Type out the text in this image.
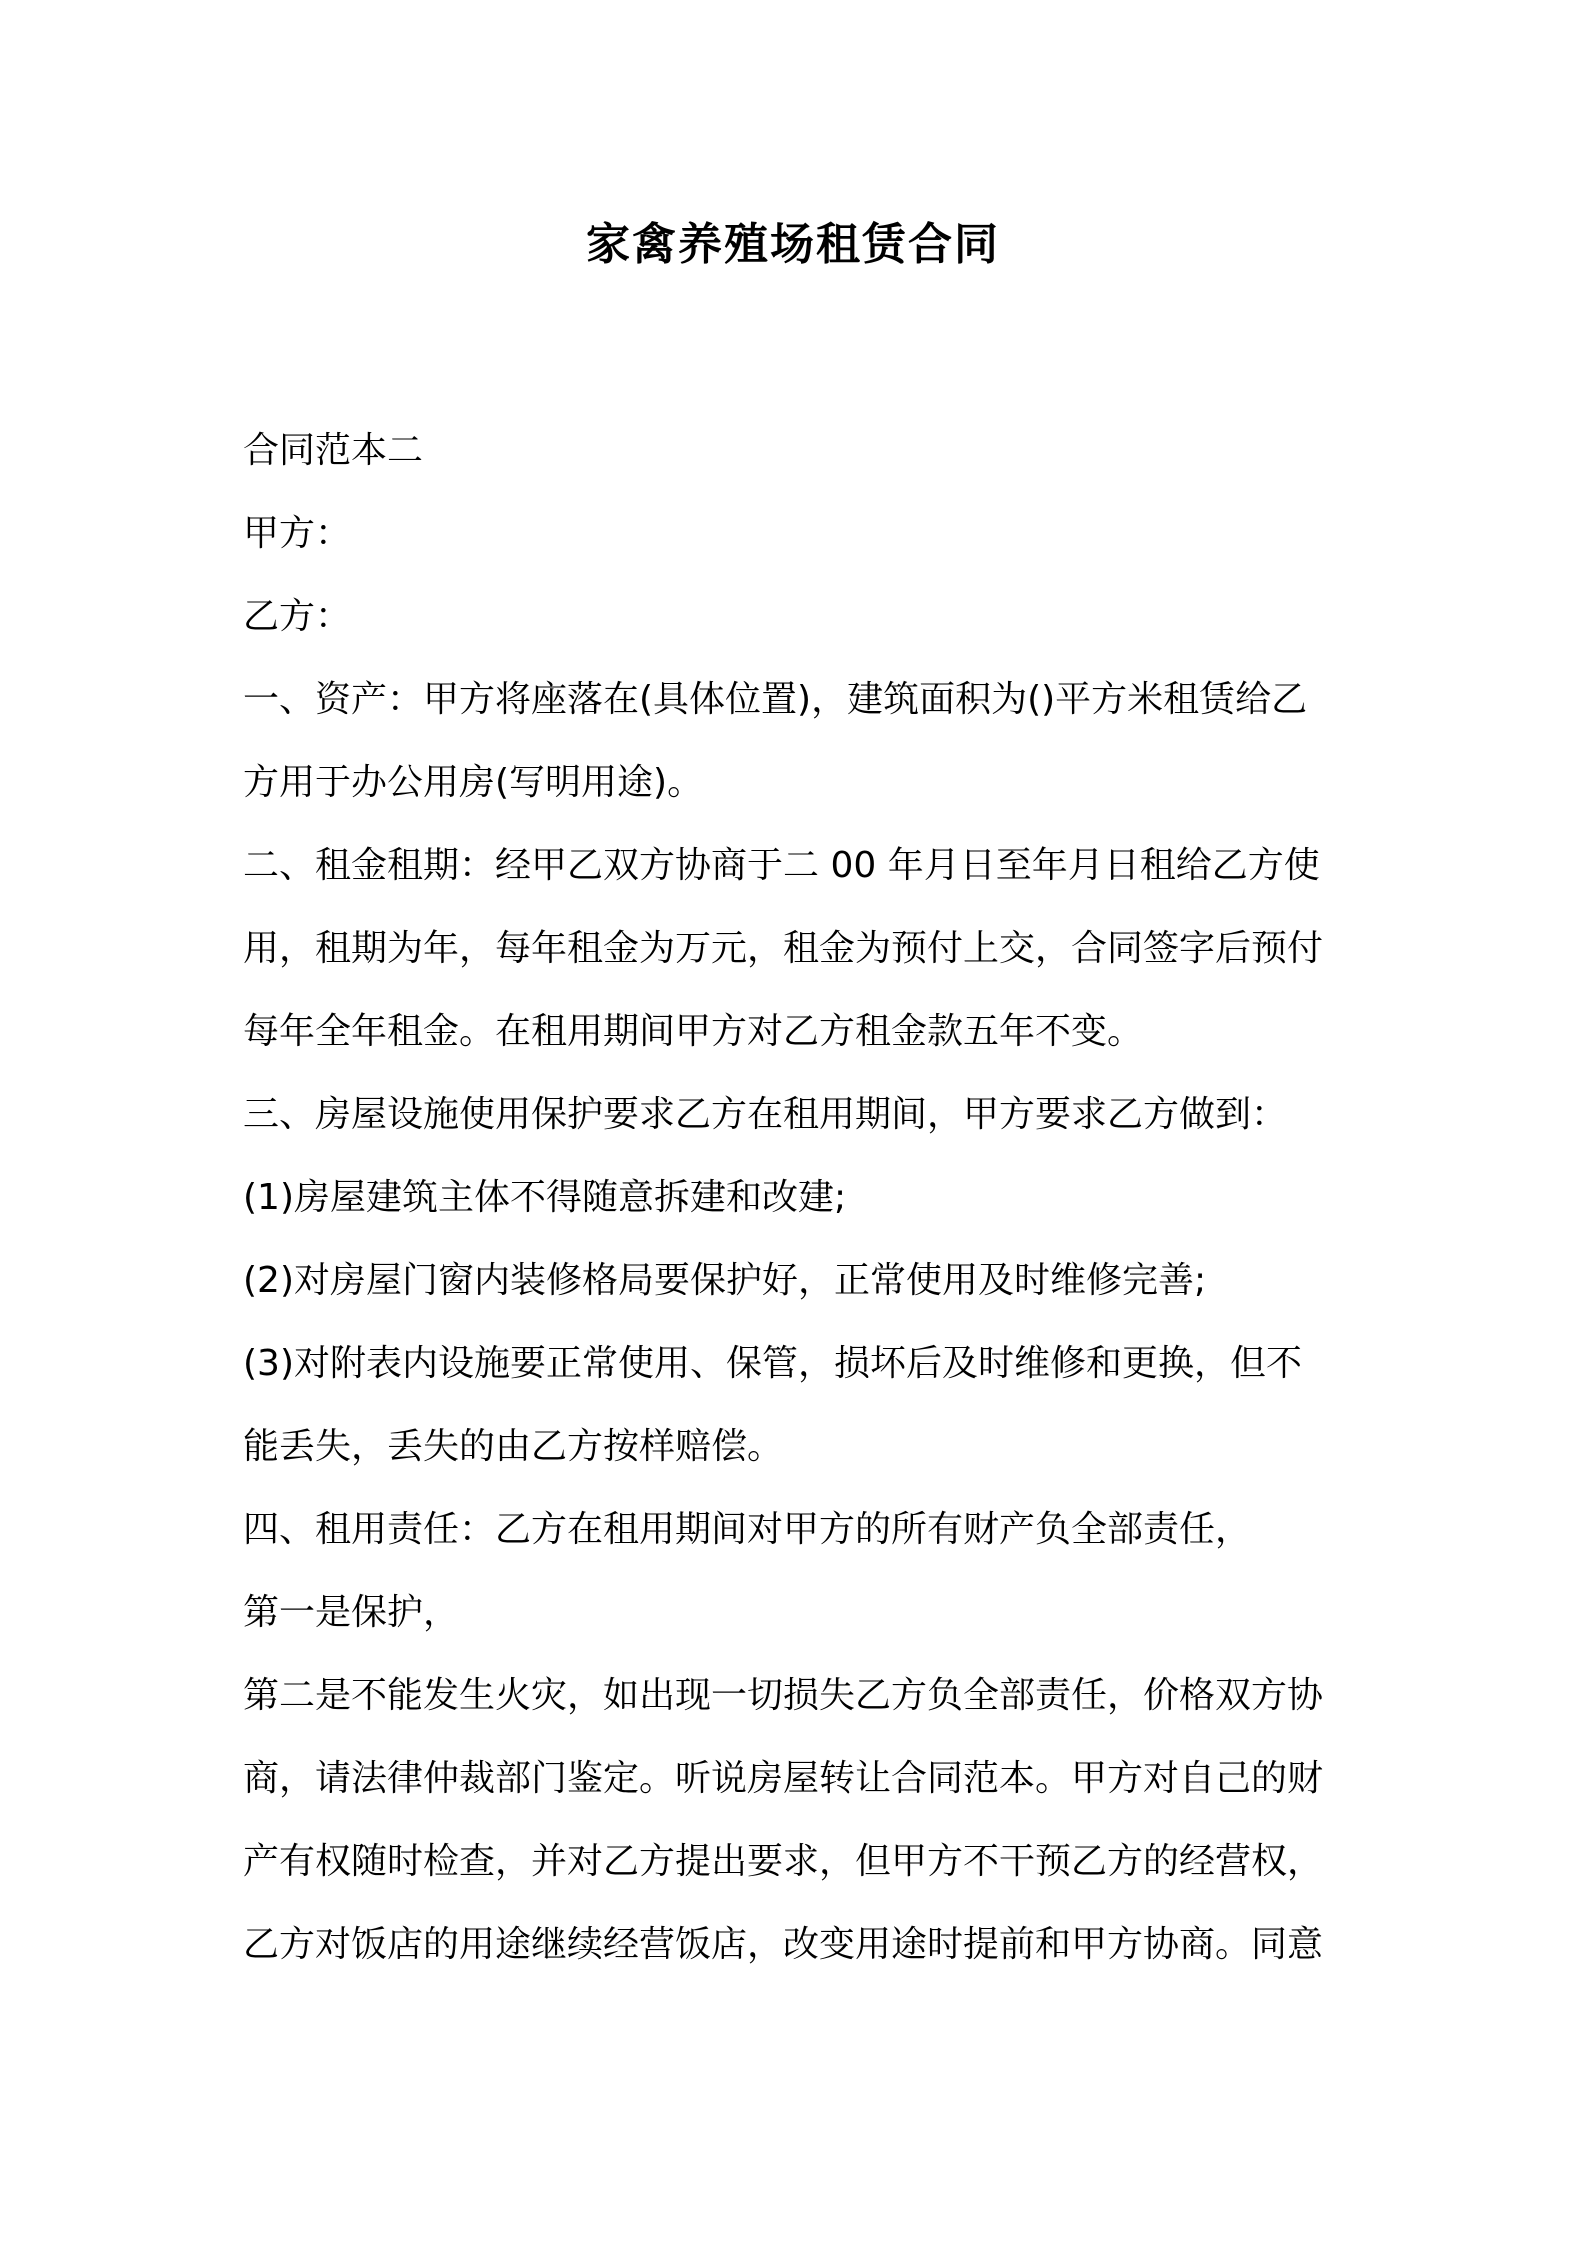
家禽养殖场租赁合同
合同范本二
甲方：
乙方：
一、资产：甲方将座落在(具体位置)，建筑面积为()平方米租赁给乙
方用于办公用房(写明用途)。
二、租金租期：经甲乙双方协商于二 00 年月日至年月日租给乙方使
用，租期为年，每年租金为万元，租金为预付上交，合同签字后预付
每年全年租金。在租用期间甲方对乙方租金款五年不变。
三、房屋设施使用保护要求乙方在租用期间，甲方要求乙方做到：
(1)房屋建筑主体不得随意拆建和改建;
(2)对房屋门窗内装修格局要保护好，正常使用及时维修完善;
(3)对附表内设施要正常使用、保管，损坏后及时维修和更换，但不
能丢失，丢失的由乙方按样赔偿。
四、租用责任：乙方在租用期间对甲方的所有财产负全部责任，
第一是保护，
第二是不能发生火灾，如出现一切损失乙方负全部责任，价格双方协
商，请法律仲裁部门鉴定。听说房屋转让合同范本。甲方对自己的财
产有权随时检查，并对乙方提出要求，但甲方不干预乙方的经营权，
乙方对饭店的用途继续经营饭店，改变用途时提前和甲方协商。同意
